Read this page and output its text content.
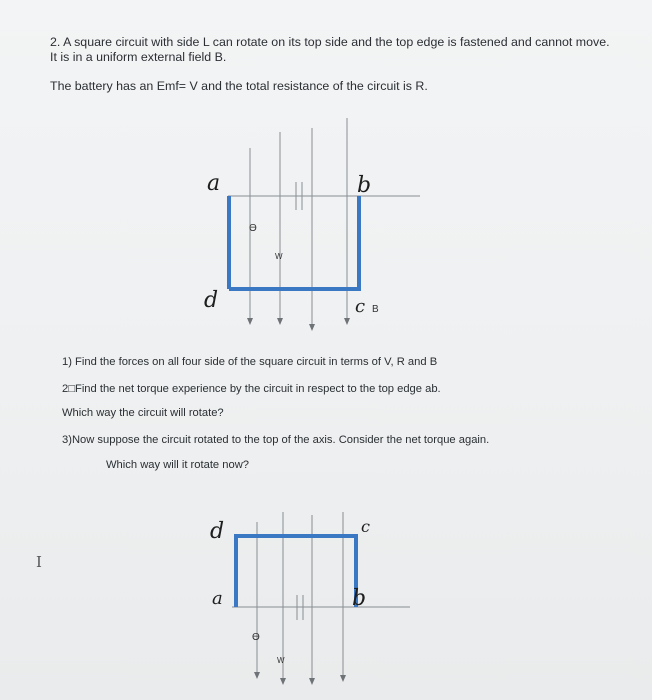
2. A square circuit with side L can rotate on its top side and the top edge is fastened and cannot move.
It is in a uniform external field B.
The battery has an Emf= V and the total resistance of the circuit is R.
a	b
d	c B
ϴ
W
1) Find the forces on all four side of the square circuit in terms of V, R and B
2□Find the net torque experience by the circuit in respect to the top edge ab.
Which way the circuit will rotate?
3)Now suppose the circuit rotated to the top of the axis. Consider the net torque again.
Which way will it rotate now?
d	c
a	b
ϴ
W
I
